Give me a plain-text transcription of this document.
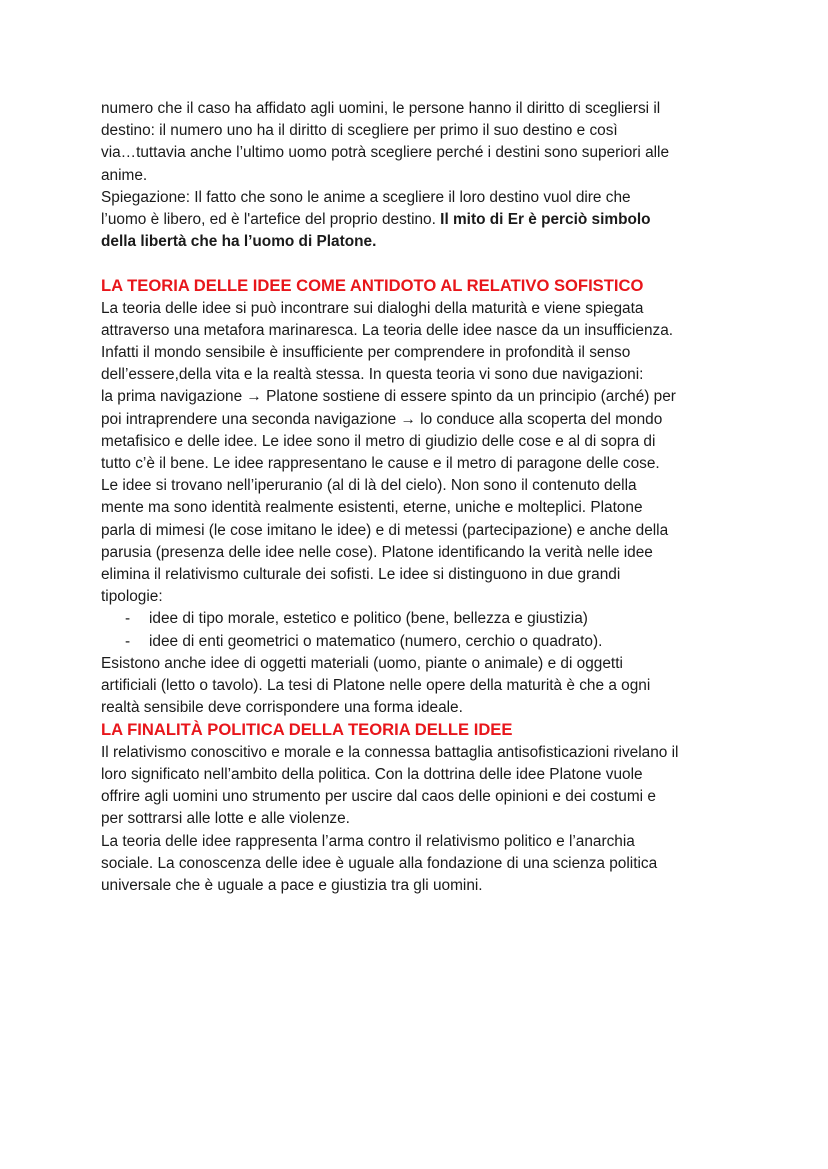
numero che il caso ha affidato agli uomini, le persone hanno il diritto di scegliersi il
destino: il numero uno ha il diritto di scegliere per primo il suo destino e così
via…tuttavia anche l’ultimo uomo potrà scegliere perché i destini sono superiori alle
anime.
Spiegazione: Il fatto che sono le anime a scegliere il loro destino vuol dire che
l’uomo è libero, ed è l'artefice del proprio destino. Il mito di Er è perciò simbolo
della libertà che ha l’uomo di Platone.
LA TEORIA DELLE IDEE COME ANTIDOTO AL RELATIVO SOFISTICO
La teoria delle idee si può incontrare sui dialoghi della maturità e viene spiegata
attraverso una metafora marinaresca. La teoria delle idee nasce da un insufficienza.
Infatti il mondo sensibile è insufficiente per comprendere in profondità il senso
dell’essere,della vita e la realtà stessa. In questa teoria vi sono due navigazioni:
la prima navigazione → Platone sostiene di essere spinto da un principio (arché) per
poi intraprendere una seconda navigazione → lo conduce alla scoperta del mondo
metafisico e delle idee. Le idee sono il metro di giudizio delle cose e al di sopra di
tutto c’è il bene. Le idee rappresentano le cause e il metro di paragone delle cose.
Le idee si trovano nell’iperuranio (al di là del cielo). Non sono il contenuto della
mente ma sono identità realmente esistenti, eterne, uniche e molteplici. Platone
parla di mimesi (le cose imitano le idee) e di metessi (partecipazione) e anche della
parusia (presenza delle idee nelle cose). Platone identificando la verità nelle idee
elimina il relativismo culturale dei sofisti. Le idee si distinguono in due grandi
tipologie:
- idee di tipo morale, estetico e politico (bene, bellezza e giustizia)
- idee di enti geometrici o matematico (numero, cerchio o quadrato).
Esistono anche idee di oggetti materiali (uomo, piante o animale) e di oggetti
artificiali (letto o tavolo). La tesi di Platone nelle opere della maturità è che a ogni
realtà sensibile deve corrispondere una forma ideale.
LA FINALITÀ POLITICA DELLA TEORIA DELLE IDEE
Il relativismo conoscitivo e morale e la connessa battaglia antisofisticazioni rivelano il
loro significato nell’ambito della politica. Con la dottrina delle idee Platone vuole
offrire agli uomini uno strumento per uscire dal caos delle opinioni e dei costumi e
per sottrarsi alle lotte e alle violenze.
La teoria delle idee rappresenta l’arma contro il relativismo politico e l’anarchia
sociale. La conoscenza delle idee è uguale alla fondazione di una scienza politica
universale che è uguale a pace e giustizia tra gli uomini.
